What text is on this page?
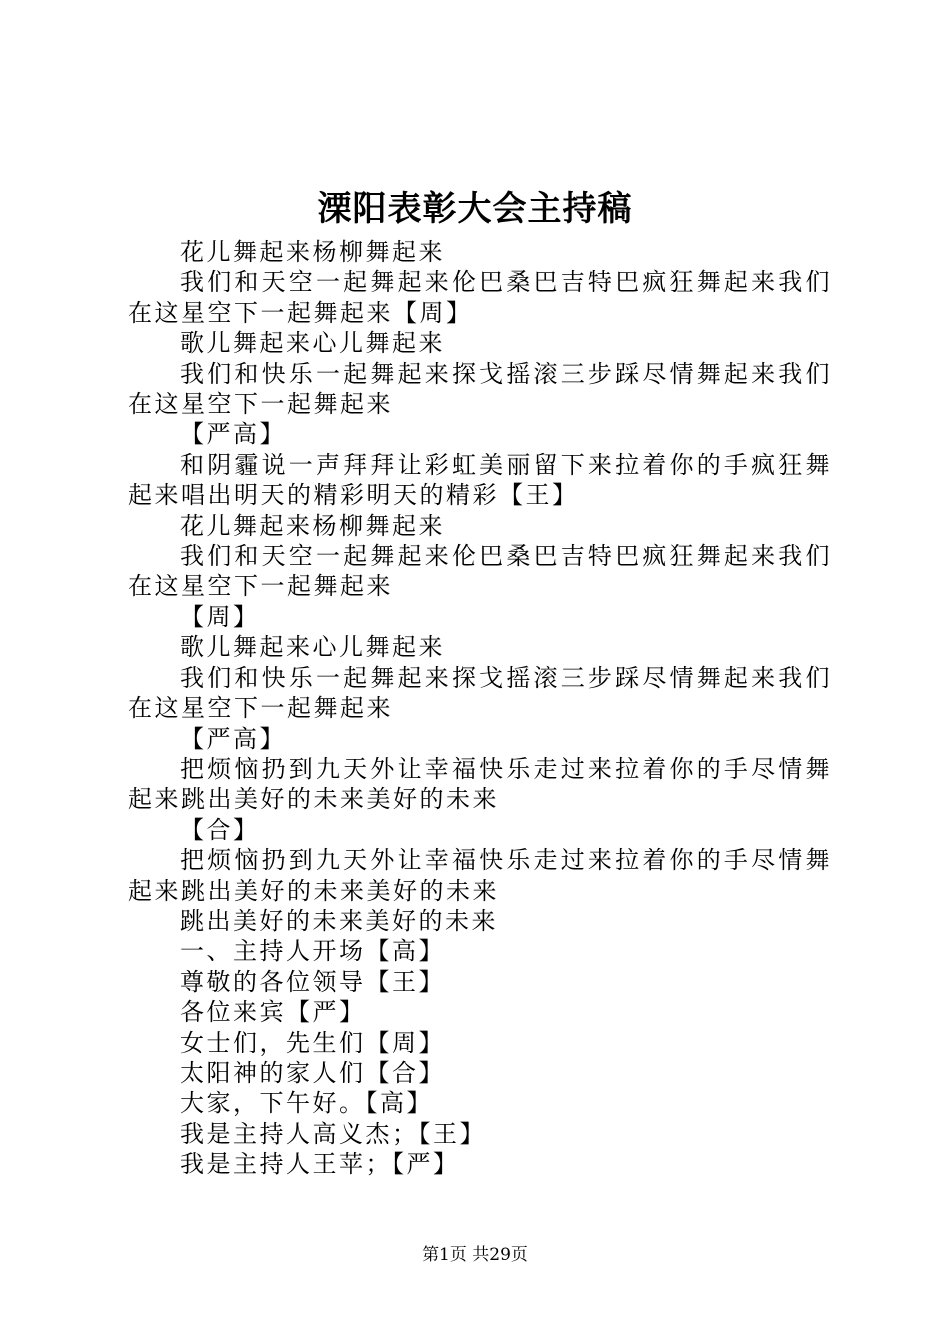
溧阳表彰大会主持稿

花儿舞起来杨柳舞起来

我们和天空一起舞起来伦巴桑巴吉特巴疯狂舞起来我们在这星空下一起舞起来【周】

歌儿舞起来心儿舞起来

我们和快乐一起舞起来探戈摇滚三步踩尽情舞起来我们在这星空下一起舞起来

【严高】

和阴霾说一声拜拜让彩虹美丽留下来拉着你的手疯狂舞起来唱出明天的精彩明天的精彩【王】

花儿舞起来杨柳舞起来

我们和天空一起舞起来伦巴桑巴吉特巴疯狂舞起来我们在这星空下一起舞起来

【周】

歌儿舞起来心儿舞起来

我们和快乐一起舞起来探戈摇滚三步踩尽情舞起来我们在这星空下一起舞起来

【严高】

把烦恼扔到九天外让幸福快乐走过来拉着你的手尽情舞起来跳出美好的未来美好的未来

【合】

把烦恼扔到九天外让幸福快乐走过来拉着你的手尽情舞起来跳出美好的未来美好的未来

跳出美好的未来美好的未来

一、主持人开场【高】

尊敬的各位领导【王】

各位来宾【严】

女士们，先生们【周】

太阳神的家人们【合】

大家，下午好。【高】

我是主持人高义杰；【王】

我是主持人王苹；【严】

第1页 共29页
